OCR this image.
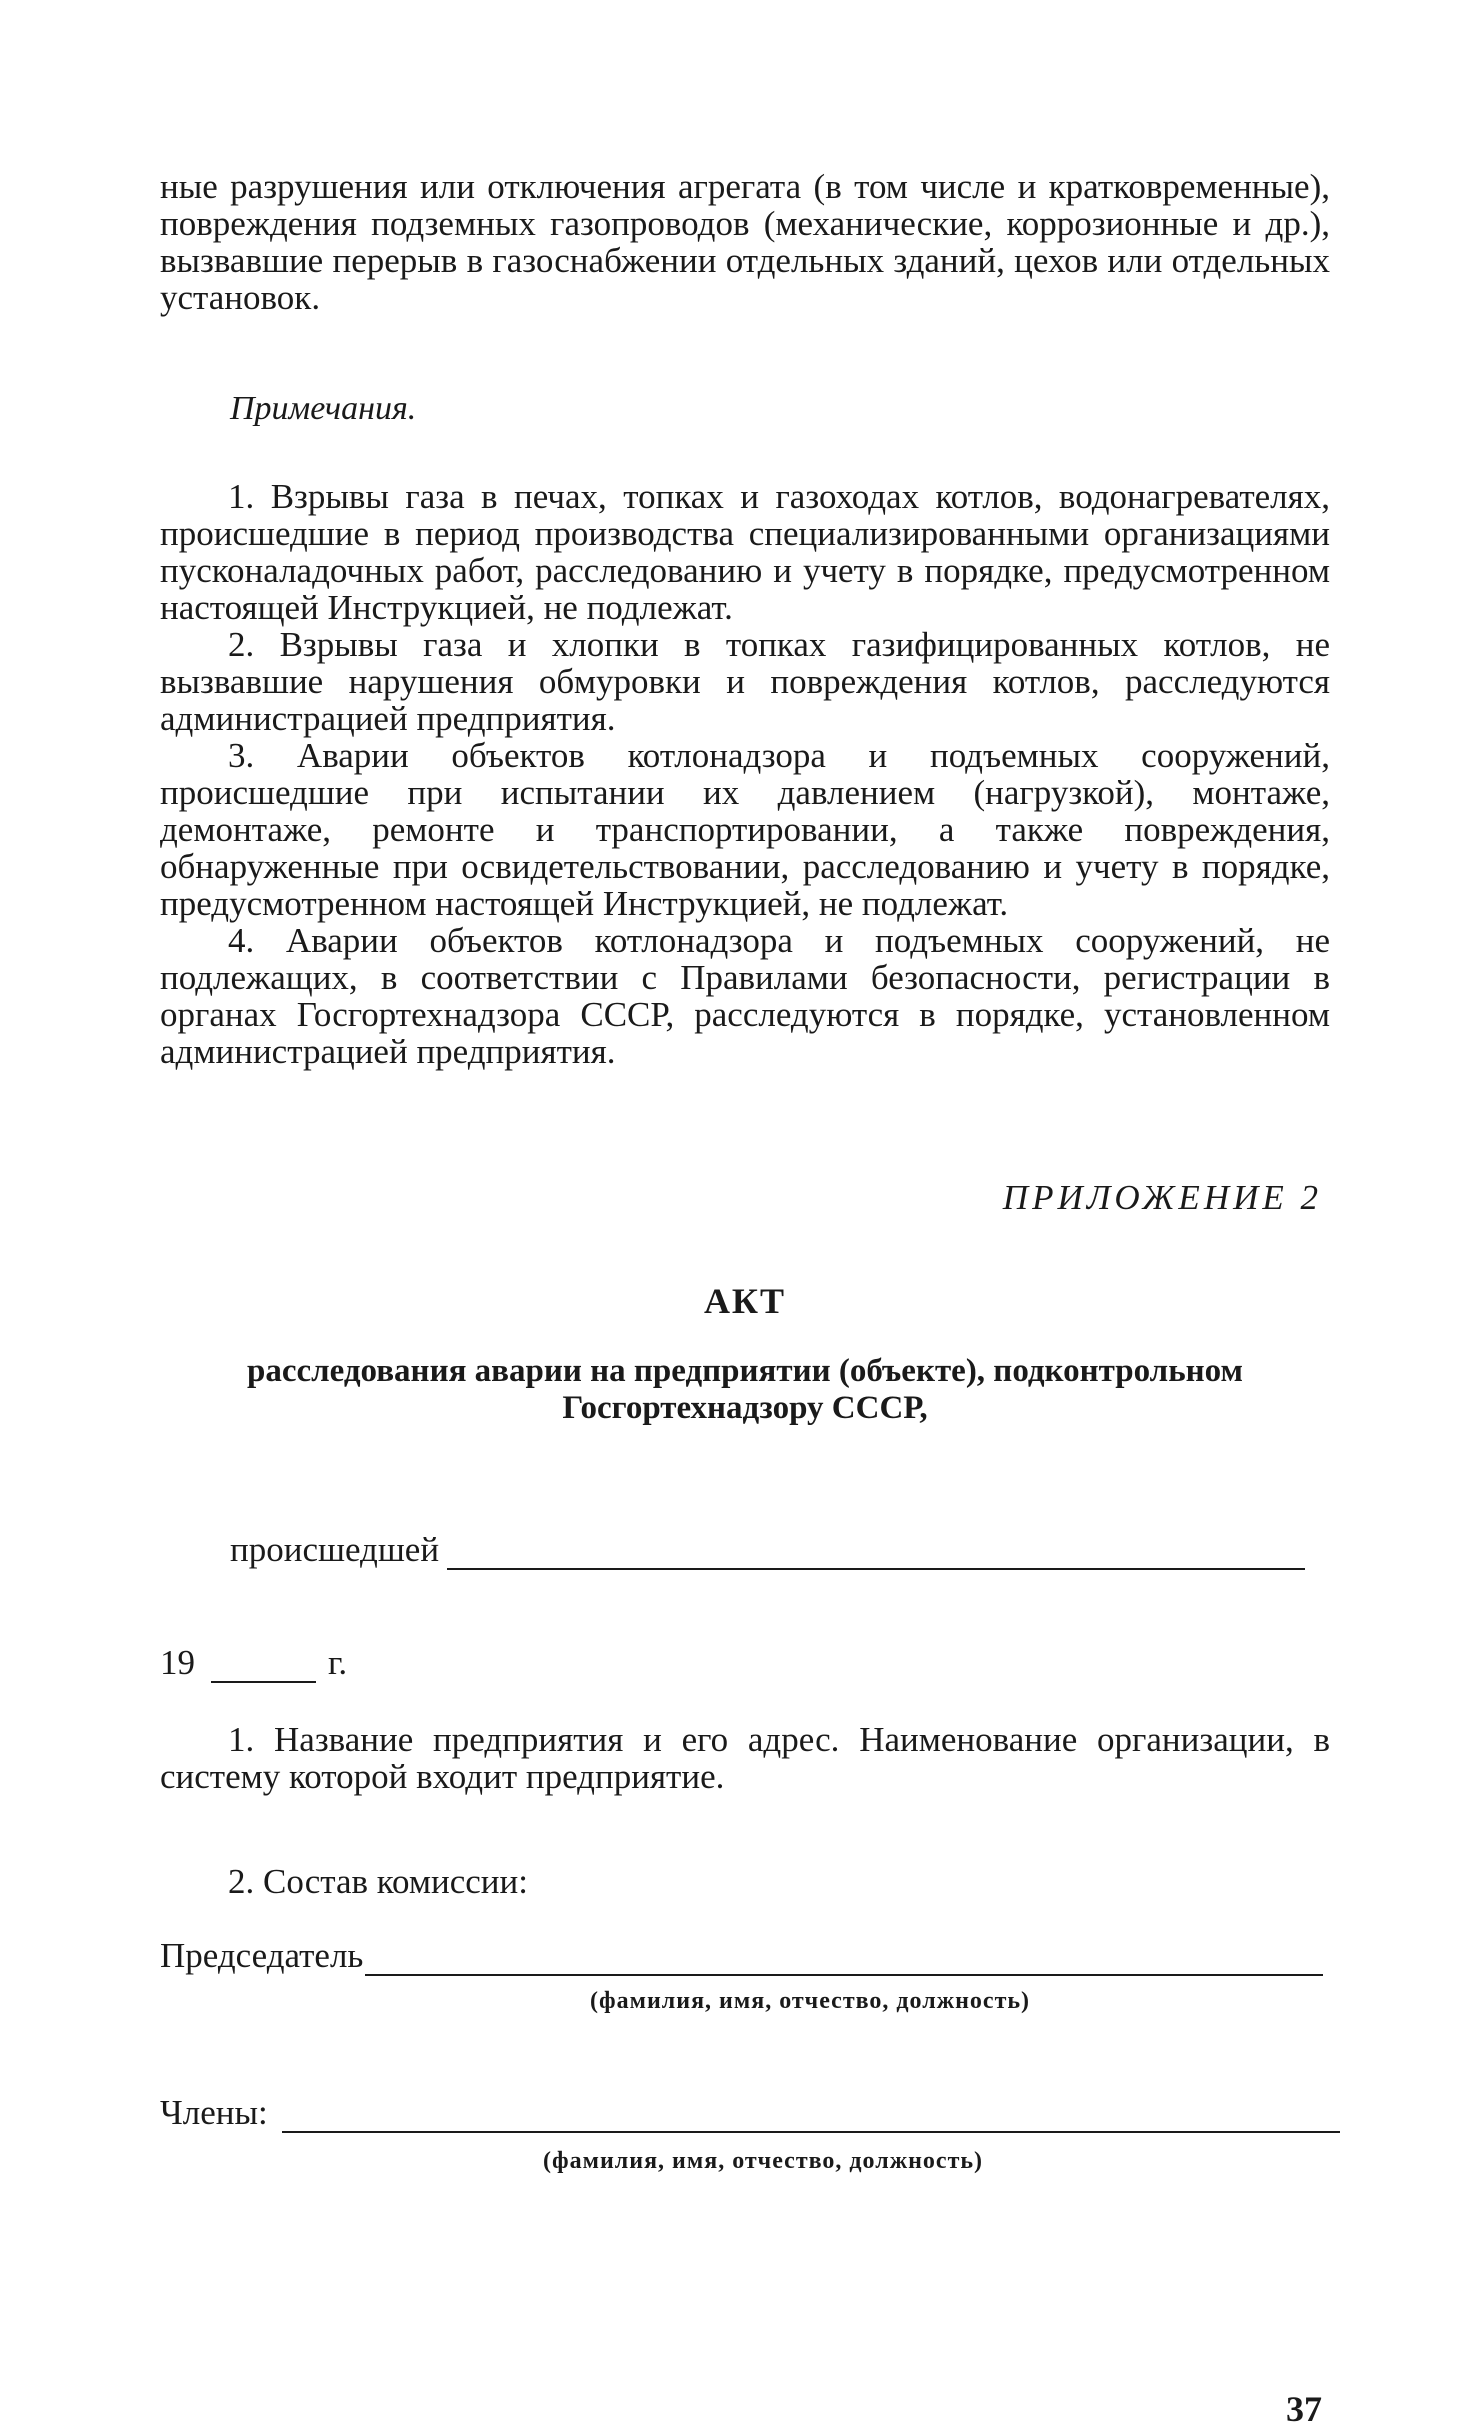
ные разрушения или отключения агрегата (в том числе и кратковременные), повреждения подземных газопроводов (механические, коррозионные и др.), вызвавшие перерыв в газоснабжении отдельных зданий, цехов или отдельных установок.

Примечания.

1. Взрывы газа в печах, топках и газоходах котлов, водонагревателях, происшедшие в период производства специализированными организациями пусконаладочных работ, расследованию и учету в порядке, предусмотренном настоящей Инструкцией, не подлежат.

2. Взрывы газа и хлопки в топках газифицированных котлов, не вызвавшие нарушения обмуровки и повреждения котлов, расследуются администрацией предприятия.

3. Аварии объектов котлонадзора и подъемных сооружений, происшедшие при испытании их давлением (нагрузкой), монтаже, демонтаже, ремонте и транспортировании, а также повреждения, обнаруженные при освидетельствовании, расследованию и учету в порядке, предусмотренном настоящей Инструкцией, не подлежат.

4. Аварии объектов котлонадзора и подъемных сооружений, не подлежащих, в соответствии с Правилами безопасности, регистрации в органах Госгортехнадзора СССР, расследуются в порядке, установленном администрацией предприятия.

ПРИЛОЖЕНИЕ 2

АКТ

расследования аварии на предприятии (объекте), подконтрольном Госгортехнадзору СССР,

происшедшей
19	г.

1. Название предприятия и его адрес. Наименование организации, в систему которой входит предприятие.

2. Состав комиссии:

Председатель
(фамилия, имя, отчество, должность)
Члены:
(фамилия, имя, отчество, должность)

37
